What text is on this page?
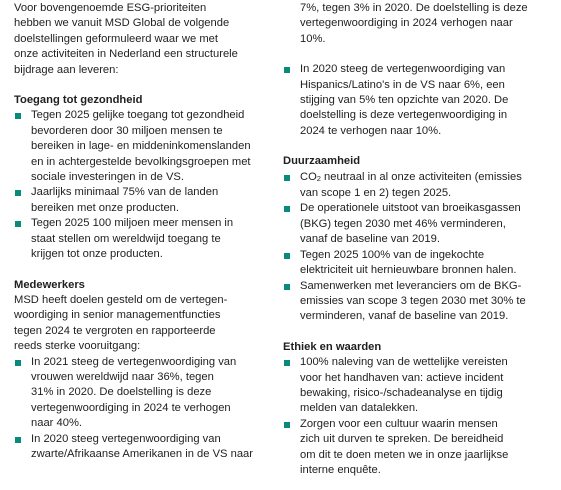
Voor bovengenoemde ESG-prioriteiten
hebben we vanuit MSD Global de volgende
doelstellingen geformuleerd waar we met
onze activiteiten in Nederland een structurele
bijdrage aan leveren:

Toegang tot gezondheid
Tegen 2025 gelijke toegang tot gezondheid
bevorderen door 30 miljoen mensen te
bereiken in lage- en middeninkomenslanden
en in achtergestelde bevolkingsgroepen met
sociale investeringen in de VS.
Jaarlijks minimaal 75% van de landen
bereiken met onze producten.
Tegen 2025 100 miljoen meer mensen in
staat stellen om wereldwijd toegang te
krijgen tot onze producten.
Medewerkers

MSD heeft doelen gesteld om de vertegen-
woordiging in senior managementfuncties
tegen 2024 te vergroten en rapporteerde
reeds sterke vooruitgang:

In 2021 steeg de vertegenwoordiging van
vrouwen wereldwijd naar 36%, tegen
31% in 2020. De doelstelling is deze
vertegenwoordiging in 2024 te verhogen
naar 40%.
In 2020 steeg vertegenwoordiging van
zwarte/Afrikaanse Amerikanen in de VS naar

7%, tegen 3% in 2020. De doelstelling is deze
vertegenwoordiging in 2024 verhogen naar
10%.

In 2020 steeg de vertegenwoordiging van
Hispanics/Latino's in de VS naar 6%, een
stijging van 5% ten opzichte van 2020. De
doelstelling is deze vertegenwoordiging in
2024 te verhogen naar 10%.
Duurzaamheid
CO2 neutraal in al onze activiteiten (emissies
van scope 1 en 2) tegen 2025.
De operationele uitstoot van broeikasgassen
(BKG) tegen 2030 met 46% verminderen,
vanaf de baseline van 2019.
Tegen 2025 100% van de ingekochte
elektriciteit uit hernieuwbare bronnen halen.
Samenwerken met leveranciers om de BKG-
emissies van scope 3 tegen 2030 met 30% te
verminderen, vanaf de baseline van 2019.
Ethiek en waarden
100% naleving van de wettelijke vereisten
voor het handhaven van: actieve incident
bewaking, risico-/schadeanalyse en tijdig
melden van datalekken.
Zorgen voor een cultuur waarin mensen
zich uit durven te spreken. De bereidheid
om dit te doen meten we in onze jaarlijkse
interne enquête.
